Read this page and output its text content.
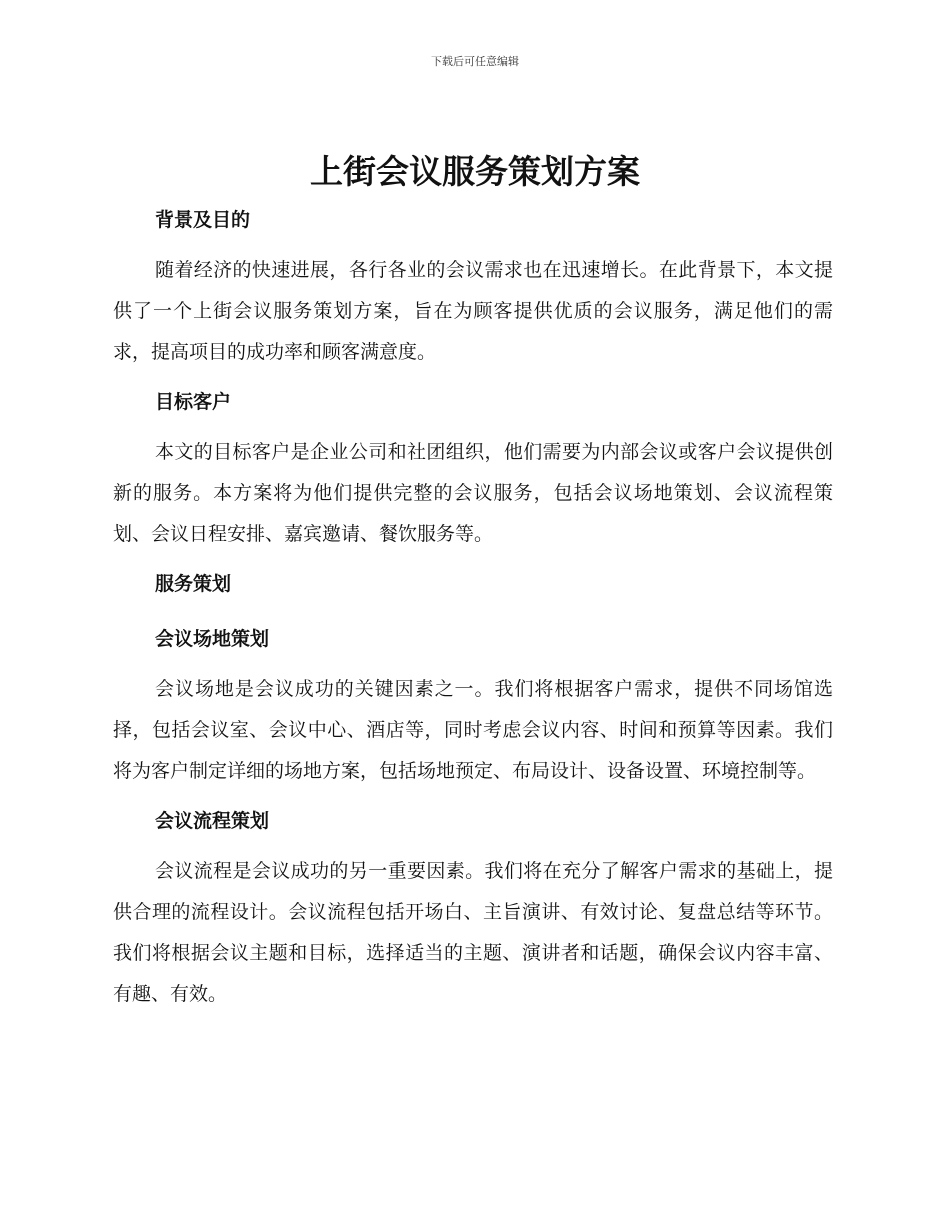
下载后可任意编辑
上街会议服务策划方案
背景及目的

随着经济的快速进展，各行各业的会议需求也在迅速增长。在此背景下，本文提供了一个上街会议服务策划方案，旨在为顾客提供优质的会议服务，满足他们的需求，提高项目的成功率和顾客满意度。

目标客户

本文的目标客户是企业公司和社团组织，他们需要为内部会议或客户会议提供创新的服务。本方案将为他们提供完整的会议服务，包括会议场地策划、会议流程策划、会议日程安排、嘉宾邀请、餐饮服务等。

服务策划
会议场地策划

会议场地是会议成功的关键因素之一。我们将根据客户需求，提供不同场馆选择，包括会议室、会议中心、酒店等，同时考虑会议内容、时间和预算等因素。我们将为客户制定详细的场地方案，包括场地预定、布局设计、设备设置、环境控制等。

会议流程策划

会议流程是会议成功的另一重要因素。我们将在充分了解客户需求的基础上，提供合理的流程设计。会议流程包括开场白、主旨演讲、有效讨论、复盘总结等环节。我们将根据会议主题和目标，选择适当的主题、演讲者和话题，确保会议内容丰富、有趣、有效。
